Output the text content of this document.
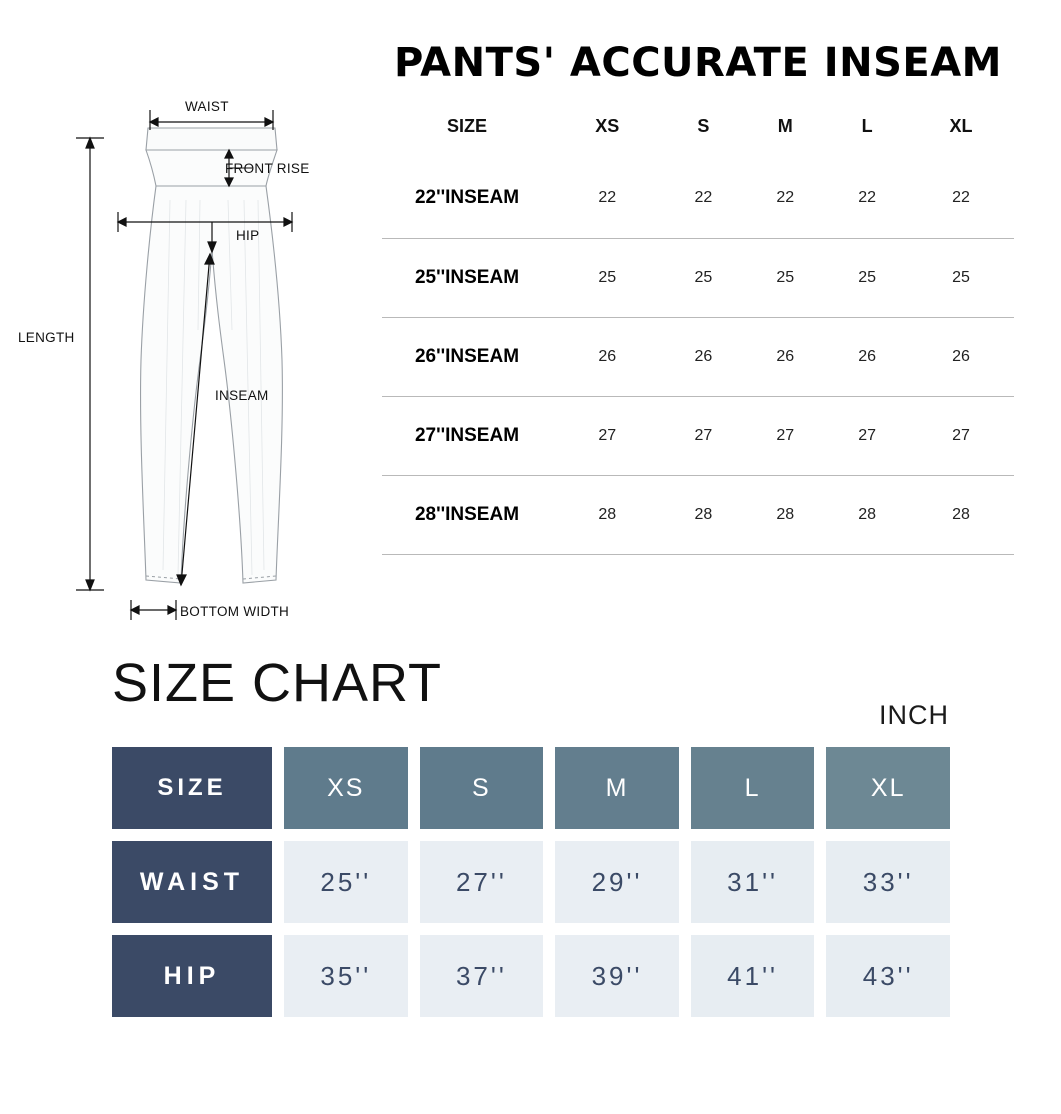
WAIST
FRONT RISE
HIP
LENGTH
INSEAM
BOTTOM WIDTH
PANTS' ACCURATE INSEAM
SIZE	XS	S	M	L	XL
22''INSEAM	22	22	22	22	22
25''INSEAM	25	25	25	25	25
26''INSEAM	26	26	26	26	26
27''INSEAM	27	27	27	27	27
28''INSEAM	28	28	28	28	28
SIZE CHART
INCH
SIZE	XS	S	M	L	XL
WAIST	25''	27''	29''	31''	33''
HIP	35''	37''	39''	41''	43''
